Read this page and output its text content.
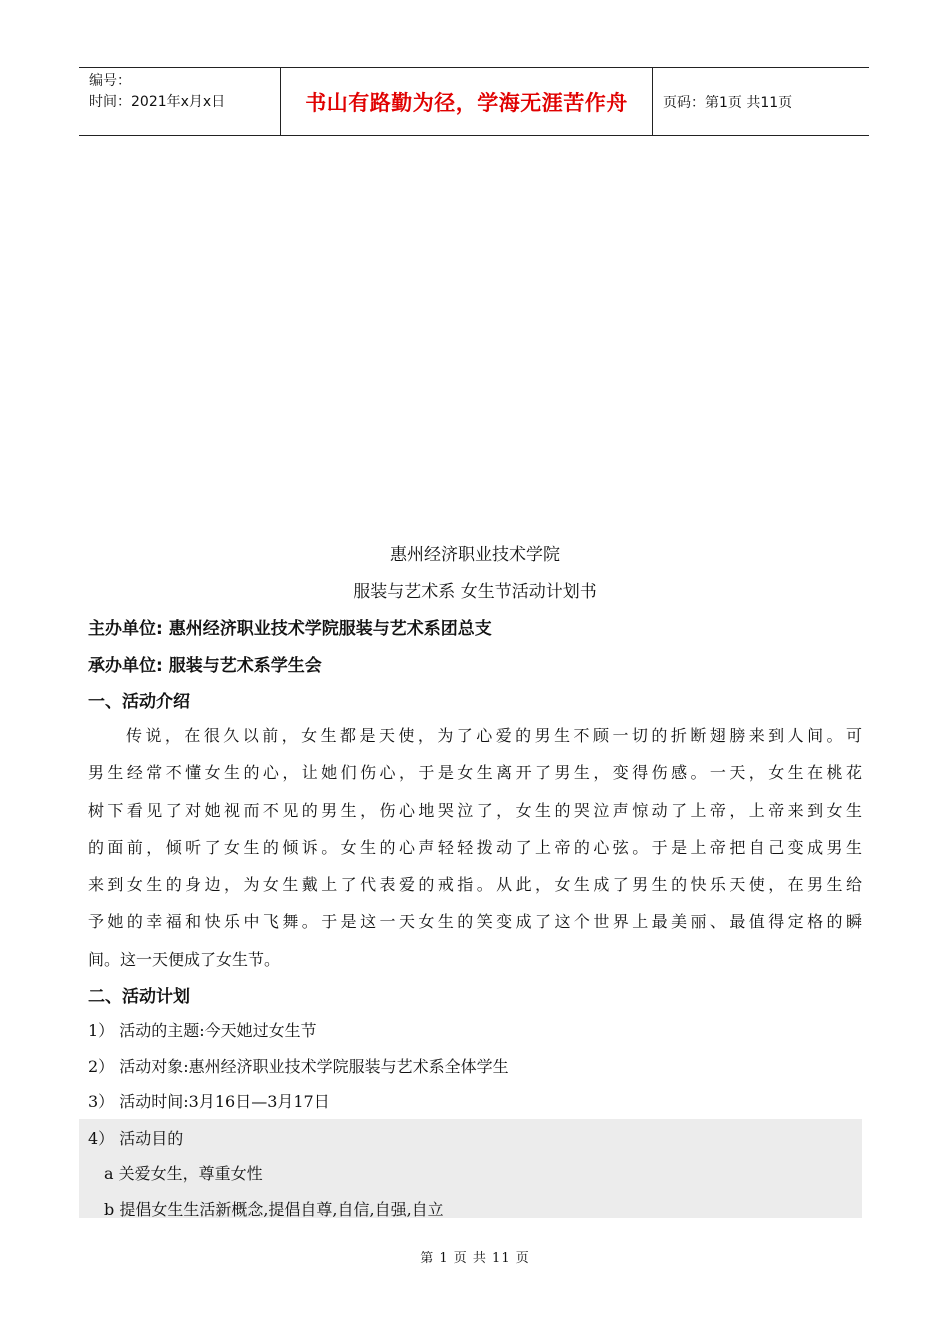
编号：
时间：2021年x月x日	书山有路勤为径，学海无涯苦作舟	页码：第1页 共11页
惠州经济职业技术学院
服装与艺术系 女生节活动计划书
主办单位: 惠州经济职业技术学院服装与艺术系团总支
承办单位: 服装与艺术系学生会
一、活动介绍
传说，在很久以前，女生都是天使，为了心爱的男生不顾一切的折断翅膀来到人间。可
男生经常不懂女生的心，让她们伤心，于是女生离开了男生，变得伤感。一天，女生在桃花
树下看见了对她视而不见的男生，伤心地哭泣了，女生的哭泣声惊动了上帝，上帝来到女生
的面前，倾听了女生的倾诉。女生的心声轻轻拨动了上帝的心弦。于是上帝把自己变成男生
来到女生的身边，为女生戴上了代表爱的戒指。从此，女生成了男生的快乐天使，在男生给
予她的幸福和快乐中飞舞。于是这一天女生的笑变成了这个世界上最美丽、最值得定格的瞬
间。这一天便成了女生节。
二、活动计划
1） 活动的主题:今天她过女生节
2） 活动对象:惠州经济职业技术学院服装与艺术系全体学生
3） 活动时间:3月16日—3月17日
4） 活动目的
a 关爱女生，尊重女性
b 提倡女生生活新概念,提倡自尊,自信,自强,自立
第 1 页 共 11 页
